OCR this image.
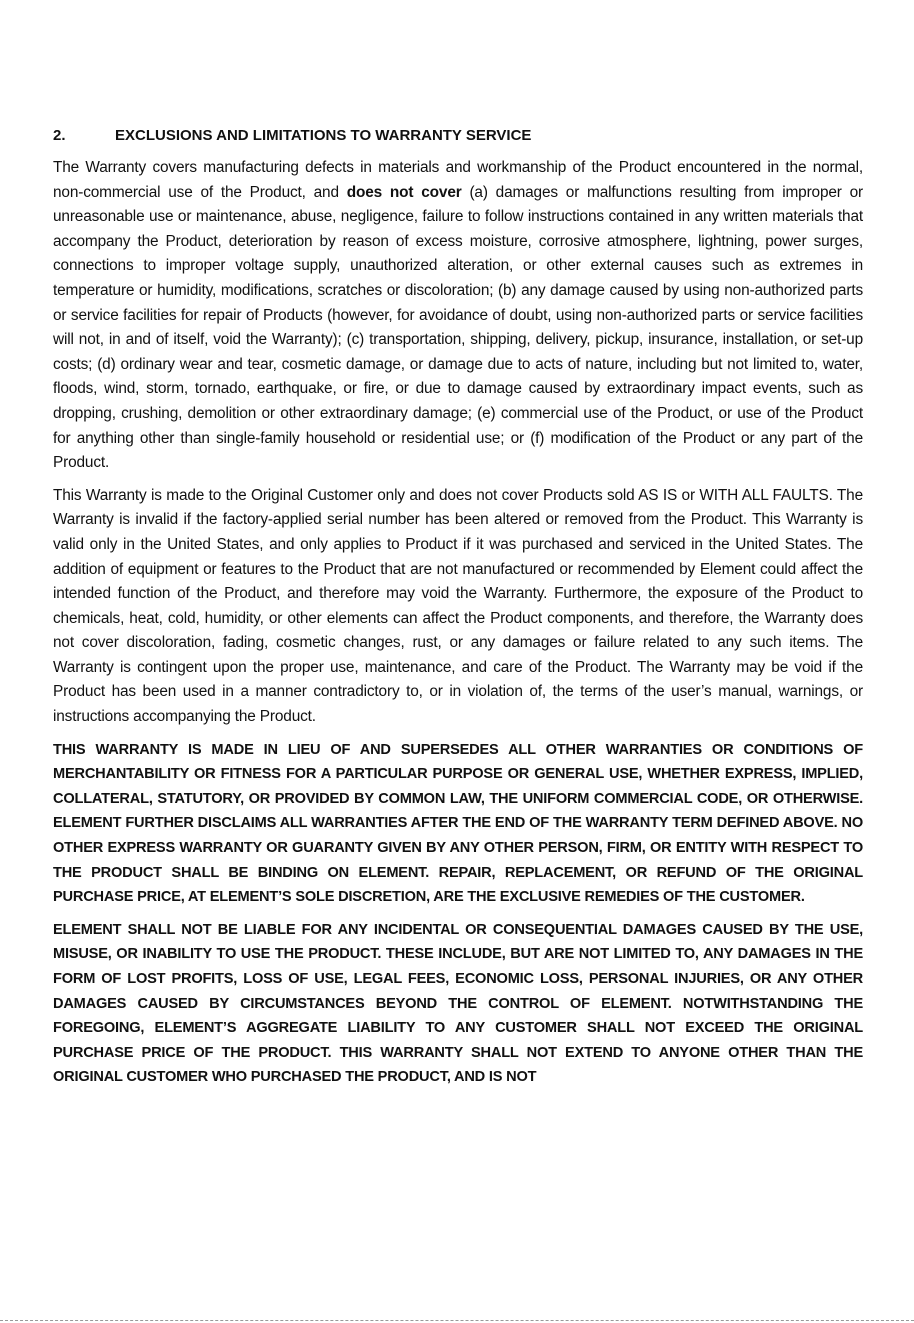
2.	EXCLUSIONS AND LIMITATIONS TO WARRANTY SERVICE

The Warranty covers manufacturing defects in materials and workmanship of the Product encountered in the normal, non-commercial use of the Product, and does not cover (a) damages or malfunctions resulting from improper or unreasonable use or maintenance, abuse, negligence, failure to follow instructions contained in any written materials that accompany the Product, deterioration by reason of excess moisture, corrosive atmosphere, lightning, power surges, connections to improper voltage supply, unauthorized alteration, or other external causes such as extremes in temperature or humidity, modifications, scratches or discoloration; (b) any damage caused by using non-authorized parts or service facilities for repair of Products (however, for avoidance of doubt, using non-authorized parts or service facilities will not, in and of itself, void the Warranty); (c) transportation, shipping, delivery, pickup, insurance, installation, or set-up costs; (d) ordinary wear and tear, cosmetic damage, or damage due to acts of nature, including but not limited to, water, floods, wind, storm, tornado, earthquake, or fire, or due to damage caused by extraordinary impact events, such as dropping, crushing, demolition or other extraordinary damage; (e) commercial use of the Product, or use of the Product for anything other than single-family household or residential use; or (f) modification of the Product or any part of the Product.

This Warranty is made to the Original Customer only and does not cover Products sold AS IS or WITH ALL FAULTS. The Warranty is invalid if the factory-applied serial number has been altered or removed from the Product. This Warranty is valid only in the United States, and only applies to Product if it was purchased and serviced in the United States. The addition of equipment or features to the Product that are not manufactured or recommended by Element could affect the intended function of the Product, and therefore may void the Warranty. Furthermore, the exposure of the Product to chemicals, heat, cold, humidity, or other elements can affect the Product components, and therefore, the Warranty does not cover discoloration, fading, cosmetic changes, rust, or any damages or failure related to any such items. The Warranty is contingent upon the proper use, maintenance, and care of the Product. The Warranty may be void if the Product has been used in a manner contradictory to, or in violation of, the terms of the user’s manual, warnings, or instructions accompanying the Product.

THIS WARRANTY IS MADE IN LIEU OF AND SUPERSEDES ALL OTHER WARRANTIES OR CONDITIONS OF MERCHANTABILITY OR FITNESS FOR A PARTICULAR PURPOSE OR GENERAL USE, WHETHER EXPRESS, IMPLIED, COLLATERAL, STATUTORY, OR PROVIDED BY COMMON LAW, THE UNIFORM COMMERCIAL CODE, OR OTHERWISE. ELEMENT FURTHER DISCLAIMS ALL WARRANTIES AFTER THE END OF THE WARRANTY TERM DEFINED ABOVE. NO OTHER EXPRESS WARRANTY OR GUARANTY GIVEN BY ANY OTHER PERSON, FIRM, OR ENTITY WITH RESPECT TO THE PRODUCT SHALL BE BINDING ON ELEMENT. REPAIR, REPLACEMENT, OR REFUND OF THE ORIGINAL PURCHASE PRICE, AT ELEMENT’S SOLE DISCRETION, ARE THE EXCLUSIVE REMEDIES OF THE CUSTOMER.

ELEMENT SHALL NOT BE LIABLE FOR ANY INCIDENTAL OR CONSEQUENTIAL DAMAGES CAUSED BY THE USE, MISUSE, OR INABILITY TO USE THE PRODUCT. THESE INCLUDE, BUT ARE NOT LIMITED TO, ANY DAMAGES IN THE FORM OF LOST PROFITS, LOSS OF USE, LEGAL FEES, ECONOMIC LOSS, PERSONAL INJURIES, OR ANY OTHER DAMAGES CAUSED BY CIRCUMSTANCES BEYOND THE CONTROL OF ELEMENT. NOTWITHSTANDING THE FOREGOING, ELEMENT’S AGGREGATE LIABILITY TO ANY CUSTOMER SHALL NOT EXCEED THE ORIGINAL PURCHASE PRICE OF THE PRODUCT. THIS WARRANTY SHALL NOT EXTEND TO ANYONE OTHER THAN THE ORIGINAL CUSTOMER WHO PURCHASED THE PRODUCT, AND IS NOT
